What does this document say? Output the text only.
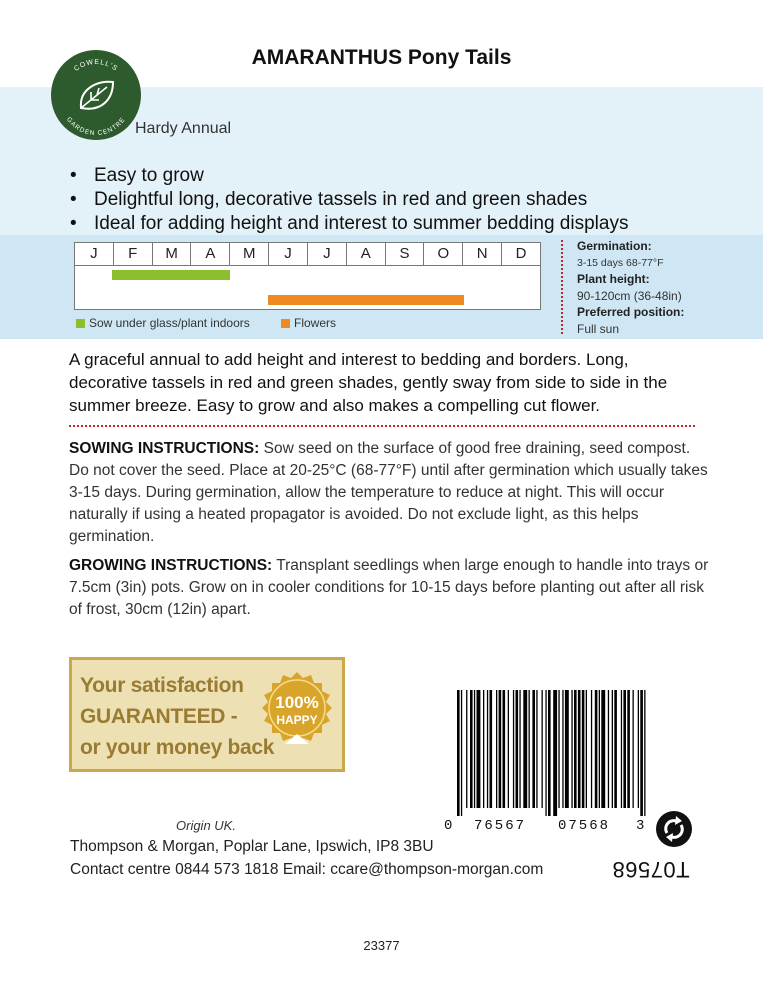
AMARANTHUS Pony Tails
COWELL'S
GARDEN CENTRE Hardy Annual
• Easy to grow
• Delightful long, decorative tassels in red and green shades
• Ideal for adding height and interest to summer bedding displays
J	F	M	A	M	J	J	A	S	O	N	D
Sow under glass/plant indoors	Flowers
Germination:
3-15 days 68-77°F
Plant height:
90-120cm (36-48in)
Preferred position:
Full sun
A graceful annual to add height and interest to bedding and borders. Long, decorative tassels in red and green shades, gently sway from side to side in the summer breeze. Easy to grow and also makes a compelling cut flower.
SOWING INSTRUCTIONS: Sow seed on the surface of good free draining, seed compost. Do not cover the seed. Place at 20-25°C (68-77°F) until after germination which usually takes 3-15 days. During germination, allow the temperature to reduce at night. This will occur naturally if using a heated propagator is avoided. Do not exclude light, as this helps germination.
GROWING INSTRUCTIONS: Transplant seedlings when large enough to handle into trays or 7.5cm (3in) pots. Grow on in cooler conditions for 10-15 days before planting out after all risk of frost, 30cm (12in) apart.
Your satisfaction
GUARANTEED -
or your money back
100%
HAPPY
0 76567 07568 3
Origin UK.
Thompson & Morgan, Poplar Lane, Ipswich, IP8 3BU
Contact centre 0844 573 1818 Email: ccare@thompson-morgan.com	T07568
23377
